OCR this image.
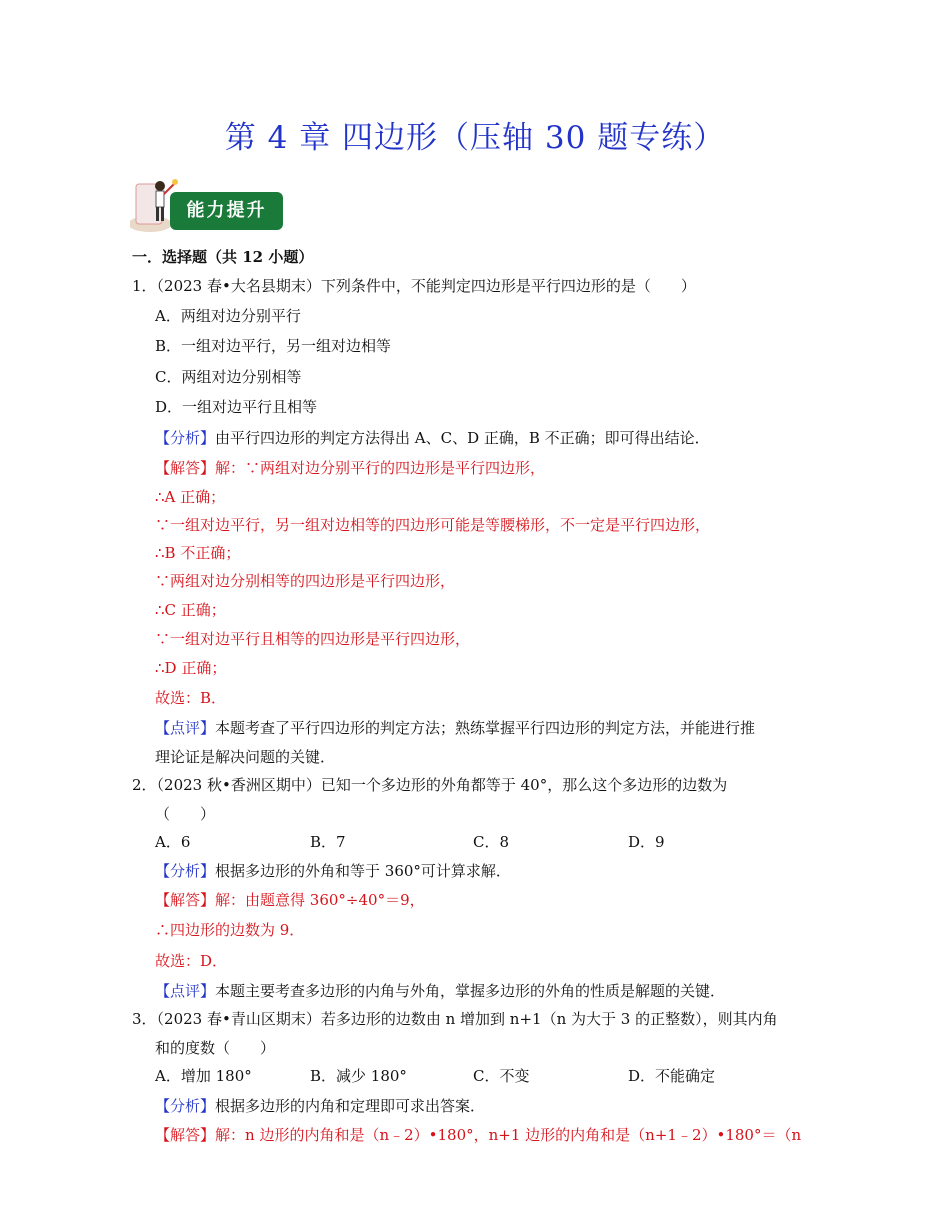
第 4 章 四边形（压轴 30 题专练）
能力提升
一．选择题（共 12 小题）
1．（2023 春•大名县期末）下列条件中，不能判定四边形是平行四边形的是（　　）
A．两组对边分别平行
B．一组对边平行，另一组对边相等
C．两组对边分别相等
D．一组对边平行且相等
【分析】由平行四边形的判定方法得出 A、C、D 正确，B 不正确；即可得出结论．
【解答】解：∵两组对边分别平行的四边形是平行四边形，
∴A 正确；
∵一组对边平行，另一组对边相等的四边形可能是等腰梯形，不一定是平行四边形，
∴B 不正确；
∵两组对边分别相等的四边形是平行四边形，
∴C 正确；
∵一组对边平行且相等的四边形是平行四边形，
∴D 正确；
故选：B．
【点评】本题考查了平行四边形的判定方法；熟练掌握平行四边形的判定方法，并能进行推
理论证是解决问题的关键．
2．（2023 秋•香洲区期中）已知一个多边形的外角都等于 40°，那么这个多边形的边数为
（　　）
A．6	B．7	C．8	D．9
【分析】根据多边形的外角和等于 360°可计算求解．
【解答】解：由题意得 360°÷40°＝9，
∴四边形的边数为 9．
故选：D．
【点评】本题主要考查多边形的内角与外角，掌握多边形的外角的性质是解题的关键．
3．（2023 春•青山区期末）若多边形的边数由 n 增加到 n+1（n 为大于 3 的正整数），则其内角
和的度数（　　）
A．增加 180°	B．减少 180°	C．不变	D．不能确定
【分析】根据多边形的内角和定理即可求出答案．
【解答】解：n 边形的内角和是（n﹣2）•180°，n+1 边形的内角和是（n+1﹣2）•180°＝（n
